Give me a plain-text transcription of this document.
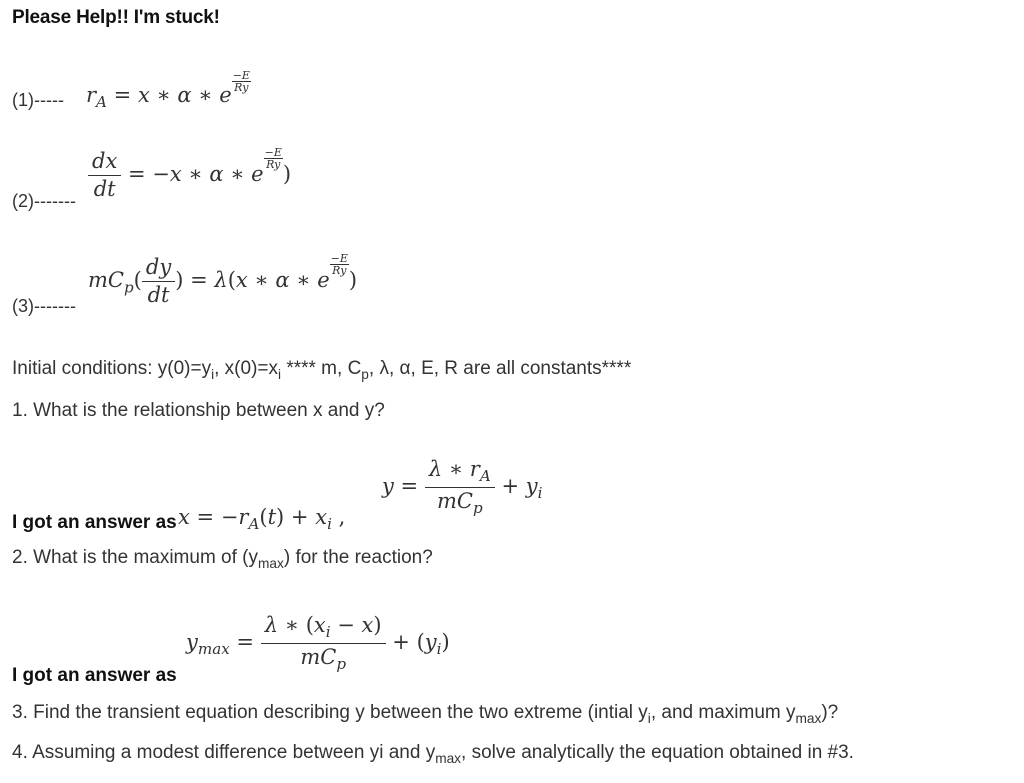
Please Help!! I'm stuck!
(1)----- $r_A = x$ ∗ α ∗ e
$\frac{-E}{Ry}$
$(2)------- \frac{dx}{dt} = -x$ ∗ α ∗ e
$\frac{-E}{Ry}$
)
(3)-------
$mC_p( \frac{dy}{dt}$ ) = λ(x ∗ α ∗ e
$\frac{-E}{Ry}$
)
Initial conditions: $y(0)=y_i$, $x(0)=x_i$ **** m, $C_p$, λ, α, E, R are all constants****
1. What is the relationship between x and y?
I got an answer as $x = -r_A(t) + x_i$ ,
$y = \frac{\lambda ∗ r_A}{mC_p} + y_i$
2. What is the maximum of $(y_{max})$ for the reaction?
I got an answer as
$y_{max} = \frac{\lambda ∗ (x_i - x)}{mC_p} + (y_i)$
3. Find the transient equation describing y between the two extreme (intial $y_i$, and maximum $y_{max}$)?
4. Assuming a modest difference between yi and $y_{max}$, solve analytically the equation obtained in #3.
